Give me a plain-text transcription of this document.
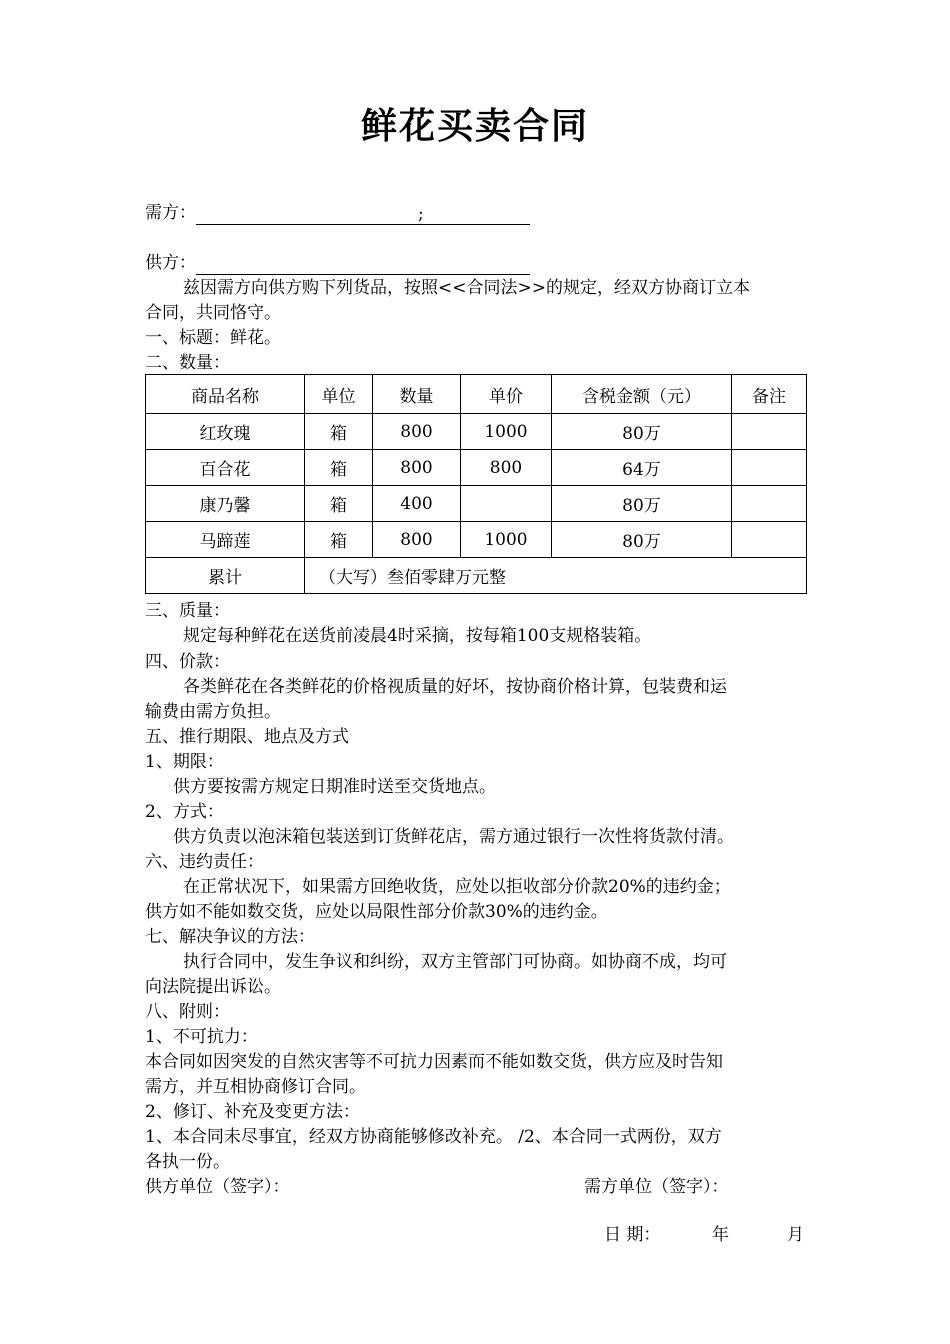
鲜花买卖合同
需方：	;
供方：
兹因需方向供方购下列货品，按照<<合同法>>的规定，经双方协商订立本
合同，共同恪守。
一、标题：鲜花。
二、数量：
商品名称	单位	数量	单价	含税金额（元）	备注
红玫瑰	箱	800	1000	80万	
百合花	箱	800	800	64万	
康乃馨	箱	400		80万	
马蹄莲	箱	800	1000	80万	
累计	（大写）叁佰零肆万元整				
三、质量：
规定每种鲜花在送货前凌晨4时采摘，按每箱100支规格装箱。
四、价款：
各类鲜花在各类鲜花的价格视质量的好坏，按协商价格计算，包装费和运
输费由需方负担。
五、推行期限、地点及方式
1、期限：
供方要按需方规定日期准时送至交货地点。
2、方式：
供方负责以泡沫箱包装送到订货鲜花店，需方通过银行一次性将货款付清。
六、违约责任：
在正常状况下，如果需方回绝收货，应处以拒收部分价款20%的违约金；
供方如不能如数交货，应处以局限性部分价款30%的违约金。
七、解决争议的方法：
执行合同中，发生争议和纠纷，双方主管部门可协商。如协商不成，均可
向法院提出诉讼。
八、附则：
1、不可抗力：
本合同如因突发的自然灾害等不可抗力因素而不能如数交货，供方应及时告知
需方，并互相协商修订合同。
2、修订、补充及变更方法：
1、本合同未尽事宜，经双方协商能够修改补充。 /2、本合同一式两份，双方
各执一份。
供方单位（签字）：	需方单位（签字）：
日 期：	年	月
